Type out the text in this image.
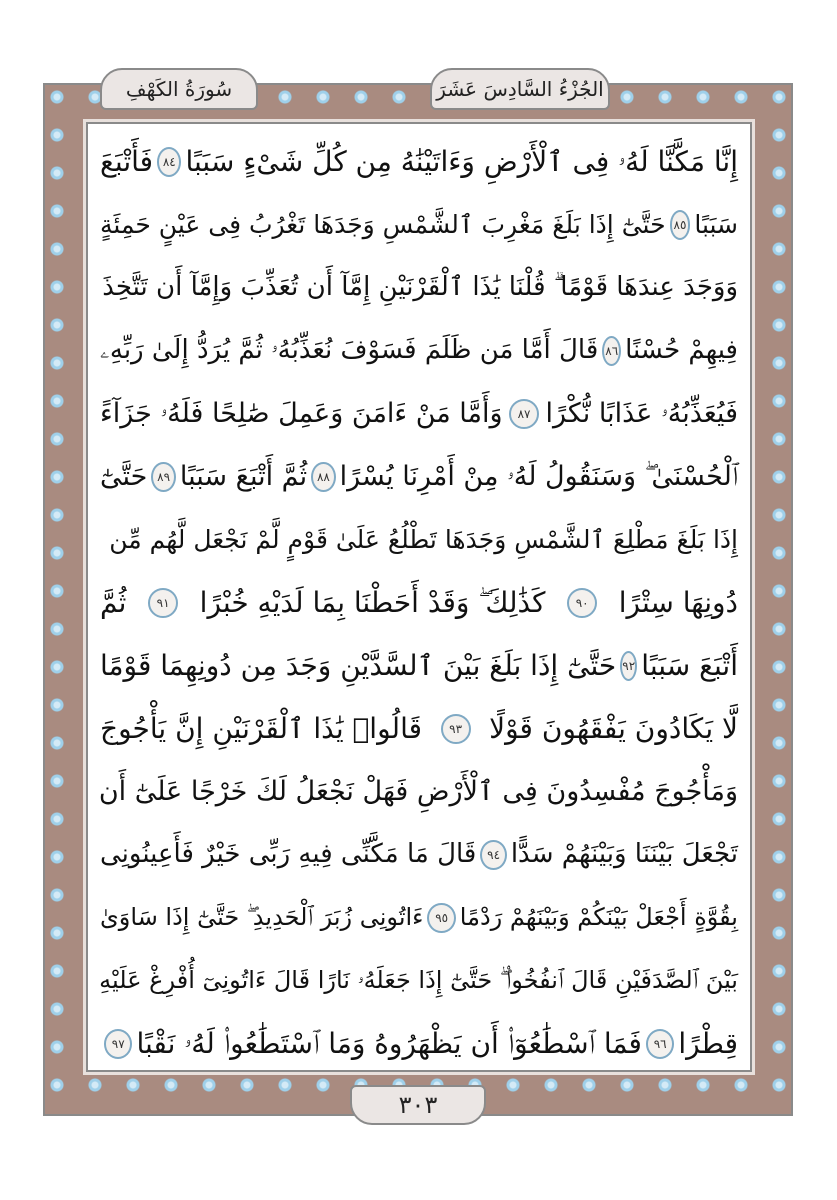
سُورَةُ الكَهْفِ	الجُزْءُ السَّادِسَ عَشَرَ
إِنَّا مَكَّنَّا لَهُۥ فِى ٱلْأَرْضِ وَءَاتَيْنَٰهُ مِن كُلِّ شَىْءٍ سَبَبًا
٨٤
فَأَتْبَعَ
سَبَبًا
٨٥
حَتَّىٰٓ إِذَا بَلَغَ مَغْرِبَ ٱلشَّمْسِ وَجَدَهَا تَغْرُبُ فِى عَيْنٍ حَمِئَةٍ
وَوَجَدَ عِندَهَا قَوْمًا ۗ قُلْنَا يَٰذَا ٱلْقَرْنَيْنِ إِمَّآ أَن تُعَذِّبَ وَإِمَّآ أَن تَتَّخِذَ
فِيهِمْ حُسْنًا
٨٦
قَالَ أَمَّا مَن ظَلَمَ فَسَوْفَ نُعَذِّبُهُۥ ثُمَّ يُرَدُّ إِلَىٰ رَبِّهِۦ
فَيُعَذِّبُهُۥ عَذَابًا نُّكْرًا
٨٧
وَأَمَّا مَنْ ءَامَنَ وَعَمِلَ صَٰلِحًا فَلَهُۥ جَزَآءً
ٱلْحُسْنَىٰ ۖ وَسَنَقُولُ لَهُۥ مِنْ أَمْرِنَا يُسْرًا
٨٨
ثُمَّ أَتْبَعَ سَبَبًا
٨٩
حَتَّىٰٓ
إِذَا بَلَغَ مَطْلِعَ ٱلشَّمْسِ وَجَدَهَا تَطْلُعُ عَلَىٰ قَوْمٍ لَّمْ نَجْعَل لَّهُم مِّن
دُونِهَا سِتْرًا
٩٠
كَذَٰلِكَ ۖ وَقَدْ أَحَطْنَا بِمَا لَدَيْهِ خُبْرًا
٩١
ثُمَّ
أَتْبَعَ سَبَبًا
٩٢
حَتَّىٰٓ إِذَا بَلَغَ بَيْنَ ٱلسَّدَّيْنِ وَجَدَ مِن دُونِهِمَا قَوْمًا
لَّا يَكَادُونَ يَفْقَهُونَ قَوْلًا
٩٣
قَالُوا۟ يَٰذَا ٱلْقَرْنَيْنِ إِنَّ يَأْجُوجَ
وَمَأْجُوجَ مُفْسِدُونَ فِى ٱلْأَرْضِ فَهَلْ نَجْعَلُ لَكَ خَرْجًا عَلَىٰٓ أَن
تَجْعَلَ بَيْنَنَا وَبَيْنَهُمْ سَدًّا
٩٤
قَالَ مَا مَكَّنِّى فِيهِ رَبِّى خَيْرٌ فَأَعِينُونِى
بِقُوَّةٍ أَجْعَلْ بَيْنَكُمْ وَبَيْنَهُمْ رَدْمًا
٩٥
ءَاتُونِى زُبَرَ ٱلْحَدِيدِ ۖ حَتَّىٰٓ إِذَا سَاوَىٰ
بَيْنَ ٱلصَّدَفَيْنِ قَالَ ٱنفُخُوا۟ ۖ حَتَّىٰٓ إِذَا جَعَلَهُۥ نَارًا قَالَ ءَاتُونِىٓ أُفْرِغْ عَلَيْهِ
قِطْرًا
٩٦
فَمَا ٱسْطَٰعُوٓا۟ أَن يَظْهَرُوهُ وَمَا ٱسْتَطَٰعُوا۟ لَهُۥ نَقْبًا
٩٧
٣٠٣
